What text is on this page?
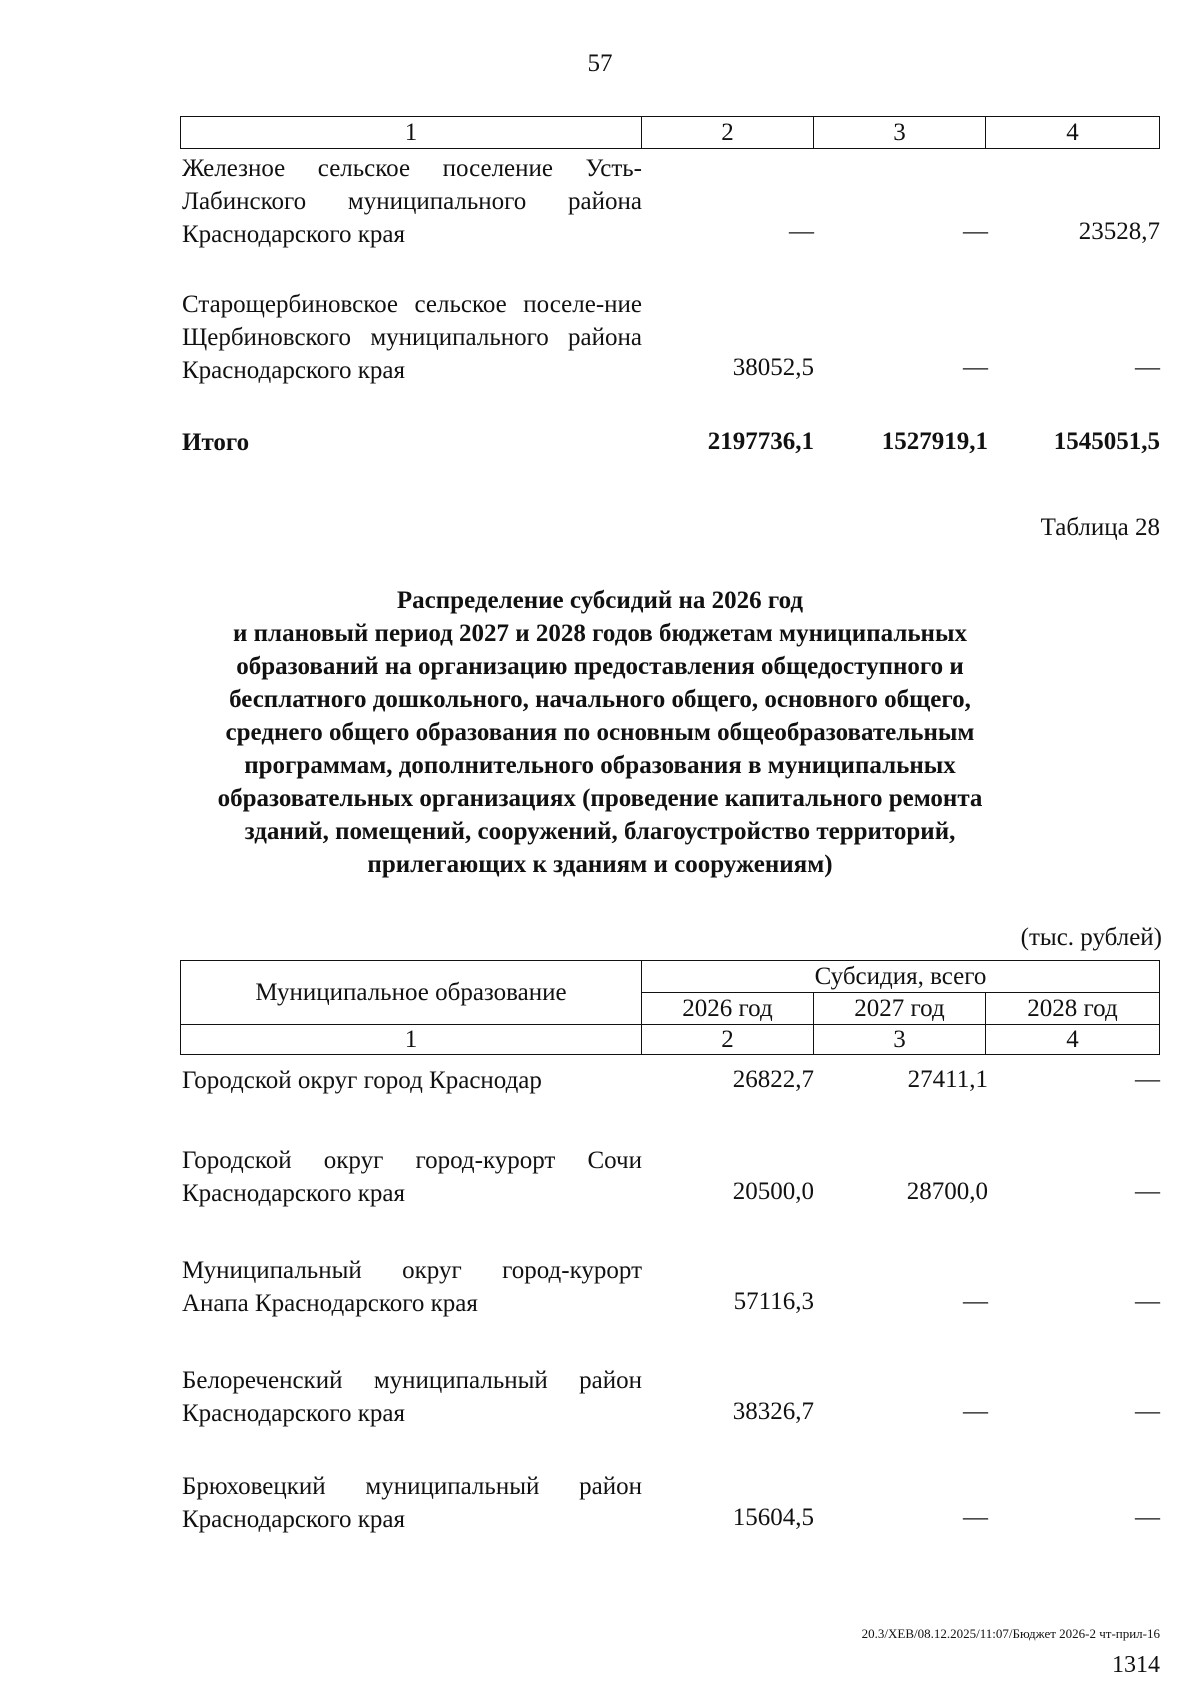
57
1	2	3	4
Железное сельское поселение Усть-Лабинского муниципального района Краснодарского края	—	—	23528,7
Старощербиновское сельское поселе-ние Щербиновского муниципального района Краснодарского края	38052,5	—	—
Итого	2197736,1	1527919,1	1545051,5
Таблица 28
Распределение субсидий на 2026 год
и плановый период 2027 и 2028 годов бюджетам муниципальных
образований на организацию предоставления общедоступного и
бесплатного дошкольного, начального общего, основного общего,
среднего общего образования по основным общеобразовательным
программам, дополнительного образования в муниципальных
образовательных организациях (проведение капитального ремонта
зданий, помещений, сооружений, благоустройство территорий,
прилегающих к зданиям и сооружениям)
(тыс. рублей)
Муниципальное образование	Субсидия, всего		
	2026 год	2027 год	2028 год
1	2	3	4
Городской округ город Краснодар	26822,7	27411,1	—
Городской округ город-курорт Сочи Краснодарского края	20500,0	28700,0	—
Муниципальный округ город-курорт Анапа Краснодарского края	57116,3	—	—
Белореченский муниципальный район Краснодарского края	38326,7	—	—
Брюховецкий муниципальный район Краснодарского края	15604,5	—	—
20.3/ХЕВ/08.12.2025/11:07/Бюджет 2026-2 чт-прил-16
1314
